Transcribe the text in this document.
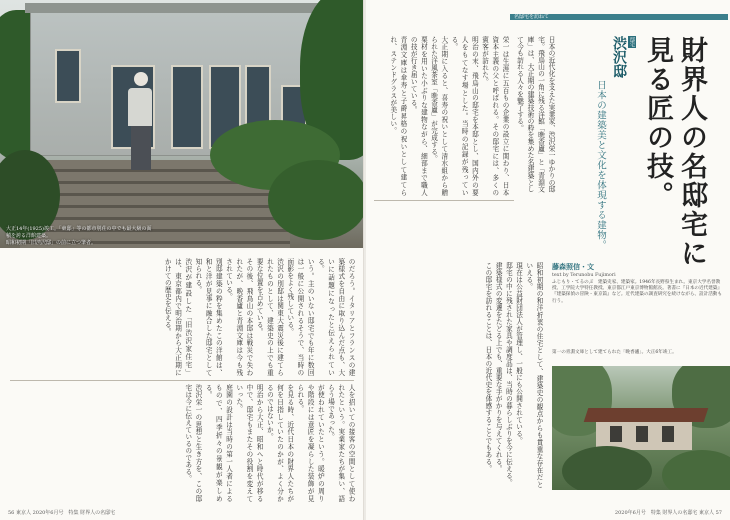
大正14年(1925)竣工。「東邸」等の都市別荘の中でも最大級の面積を誇る洋館建築。
昭和初期「旧渋沢邸」の前に立つ筆者。

のだろう。イタリアとフランスの建築様式を自由に取り込んだ点も、大いに話題になったと伝えられている。

いう。主のいない邸宅でも年に数回は一般に公開されるそうで、当時の面影をよく残している。

渋沢の別邸は関東大震災後に建てられたものとして、建築史の上でも重要な位置を占めている。

その後、飛鳥山の本邸は戦災で失われたが、晩香廬と青淵文庫は今も残されている。

別邸建築の粋を集めたこの洋館は、和と洋が見事に融合した邸宅として知られる。

渋沢が建設した「旧渋沢家住宅」は、東京都内で明治期から大正期にかけての歴史を伝える。

人を招いての接客の空間として使われたという。実業家たちが集い、語らう場であった。

が使われていたという。暖炉の周りや階段には意匠を凝らした装飾が見られる。

を見る時、近代日本の財界人たちが何を目指していたのかが、よく分かるのではないか。

明治から大正、昭和へと時代が移る中で、邸宅もまたその役割を変えていった。

庭園の設計は当時の第一人者によるもので、四季折々の景観が楽しめる。

渋沢栄一の思想と生き方を、この邸宅は今に伝えているのである。

56 東京人 2020年6月号　特集 財界人の名邸宅
名邸宅を訪ねて
財界人の名邸宅に見る匠の技。
邸宅
渋沢邸
日本の建築美と文化を体現する建物。
日本の近代化を支えた実業家、渋沢栄一ゆかりの邸宅。飛鳥山の一角に残る洋館「晩香廬」と「青淵文庫」は、大正期の建築技術の粋を集めた名建築として今も訪れる人々を魅了する。

栄一は生涯に五百もの企業の設立に関わり、日本資本主義の父と呼ばれる。その邸宅には、多くの賓客が訪れた。

明治の末、飛鳥山の邸宅を本邸とし、国内外の要人をもてなす場とした。当時の記録が残っている。

大正期に入ると、喜寿の祝いとして清水組から贈られた洋風茶室「晩香廬」が完成する。

栗材を用いた小ぶりな建物ながら、細部まで職人の技が行き届いている。

青淵文庫は傘寿と子爵昇格の祝いとして建てられ、ステンドグラスが美しい。

昭和初期の和洋折衷の住宅として、建築史の観点からも貴重な存在だといえる。

現在は公益財団法人が管理し、一般にも公開されている。

邸宅の中に残された家具や調度品は、当時の暮らしぶりを今に伝える。

建築様式の変遷をたどる上でも、重要な手がかりを与えてくれる。

この邸宅を訪れることは、日本の近代史を体感することでもある。	藤森照信・文
text by Terunobu Fujimori
ふじもり・てるのぶ　建築史家、建築家。1946年長野県生まれ。東京大学名誉教授、工学院大学特任教授。東京都江戸東京博物館館長。著書に『日本の近代建築』『建築探偵の冒険・東京篇』など。近代建築の調査研究を続けながら、設計活動も行う。
第一の青淵文庫として建てられた「晩香廬」。大正6年竣工。
2020年6月号　特集 財界人の名邸宅 東京人 57
